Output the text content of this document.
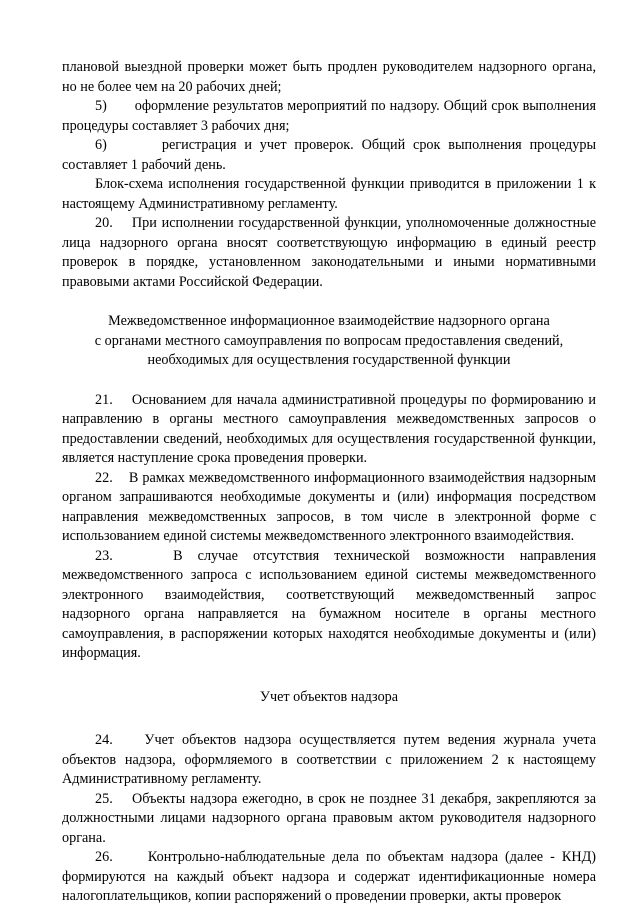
плановой выездной проверки может быть продлен руководителем надзорного органа, но не более чем на 20 рабочих дней;

5)       оформление результатов мероприятий по надзору. Общий срок выполнения процедуры составляет 3 рабочих дня;

6)       регистрация и учет проверок. Общий срок выполнения процедуры составляет 1 рабочий день.

Блок-схема исполнения государственной функции приводится в приложении 1 к настоящему Административному регламенту.

20.    При исполнении государственной функции, уполномоченные должностные лица надзорного органа вносят соответствующую информацию в единый реестр проверок в порядке, установленном законодательными и иными нормативными правовыми актами Российской Федерации.

Межведомственное информационное взаимодействие надзорного органа
с органами местного самоуправления по вопросам предоставления сведений,
необходимых для осуществления государственной функции

21.    Основанием для начала административной процедуры по формированию и направлению в органы местного самоуправления межведомственных запросов о предоставлении сведений, необходимых для осуществления государственной функции, является наступление срока проведения проверки.

22.    В рамках межведомственного информационного взаимодействия надзорным органом запрашиваются необходимые документы и (или) информация посредством направления межведомственных запросов, в том числе в электронной форме с использованием единой системы межведомственного электронного взаимодействия.

23.    В случае отсутствия технической возможности направления межведомственного запроса с использованием единой системы межведомственного электронного взаимодействия, соответствующий межведомственный запрос надзорного органа направляется на бумажном носителе в органы местного самоуправления, в распоряжении которых находятся необходимые документы и (или) информация.

Учет объектов надзора

24.    Учет объектов надзора осуществляется путем ведения журнала учета объектов надзора, оформляемого в соответствии с приложением 2 к настоящему Административному регламенту.

25.    Объекты надзора ежегодно, в срок не позднее 31 декабря, закрепляются за должностными лицами надзорного органа правовым актом руководителя надзорного органа.

26.     Контрольно-наблюдательные дела по объектам надзора (далее - КНД) формируются на каждый объект надзора и содержат идентификационные номера налогоплательщиков, копии распоряжений о проведении проверки, акты проверок
